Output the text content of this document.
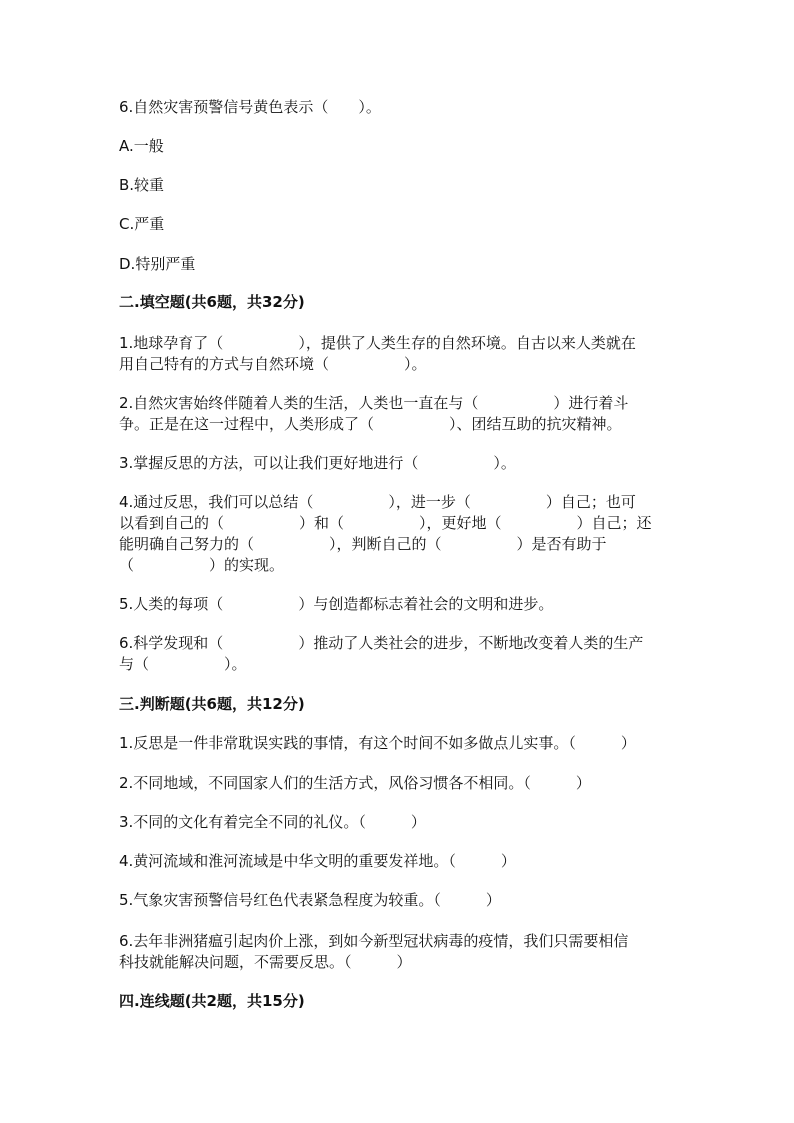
6.自然灾害预警信号黄色表示（　　）。
A.一般
B.较重
C.严重
D.特别严重
二.填空题(共6题，共32分)
1.地球孕育了（　　　　　），提供了人类生存的自然环境。自古以来人类就在
用自己特有的方式与自然环境（　　　　　）。
2.自然灾害始终伴随着人类的生活，人类也一直在与（　　　　　）进行着斗
争。正是在这一过程中，人类形成了（　　　　　）、团结互助的抗灾精神。
3.掌握反思的方法，可以让我们更好地进行（　　　　　）。
4.通过反思，我们可以总结（　　　　　），进一步（　　　　　）自己；也可
以看到自己的（　　　　　）和（　　　　　），更好地（　　　　　）自己；还
能明确自己努力的（　　　　　），判断自己的（　　　　　）是否有助于
（　　　　　）的实现。
5.人类的每项（　　　　　）与创造都标志着社会的文明和进步。
6.科学发现和（　　　　　）推动了人类社会的进步，不断地改变着人类的生产
与（　　　　　）。
三.判断题(共6题，共12分)
1.反思是一件非常耽误实践的事情，有这个时间不如多做点儿实事。（　　　）
2.不同地域，不同国家人们的生活方式，风俗习惯各不相同。（　　　）
3.不同的文化有着完全不同的礼仪。（　　　）
4.黄河流域和淮河流域是中华文明的重要发祥地。（　　　）
5.气象灾害预警信号红色代表紧急程度为较重。（　　　）
6.去年非洲猪瘟引起肉价上涨，到如今新型冠状病毒的疫情，我们只需要相信
科技就能解决问题，不需要反思。（　　　）
四.连线题(共2题，共15分)
